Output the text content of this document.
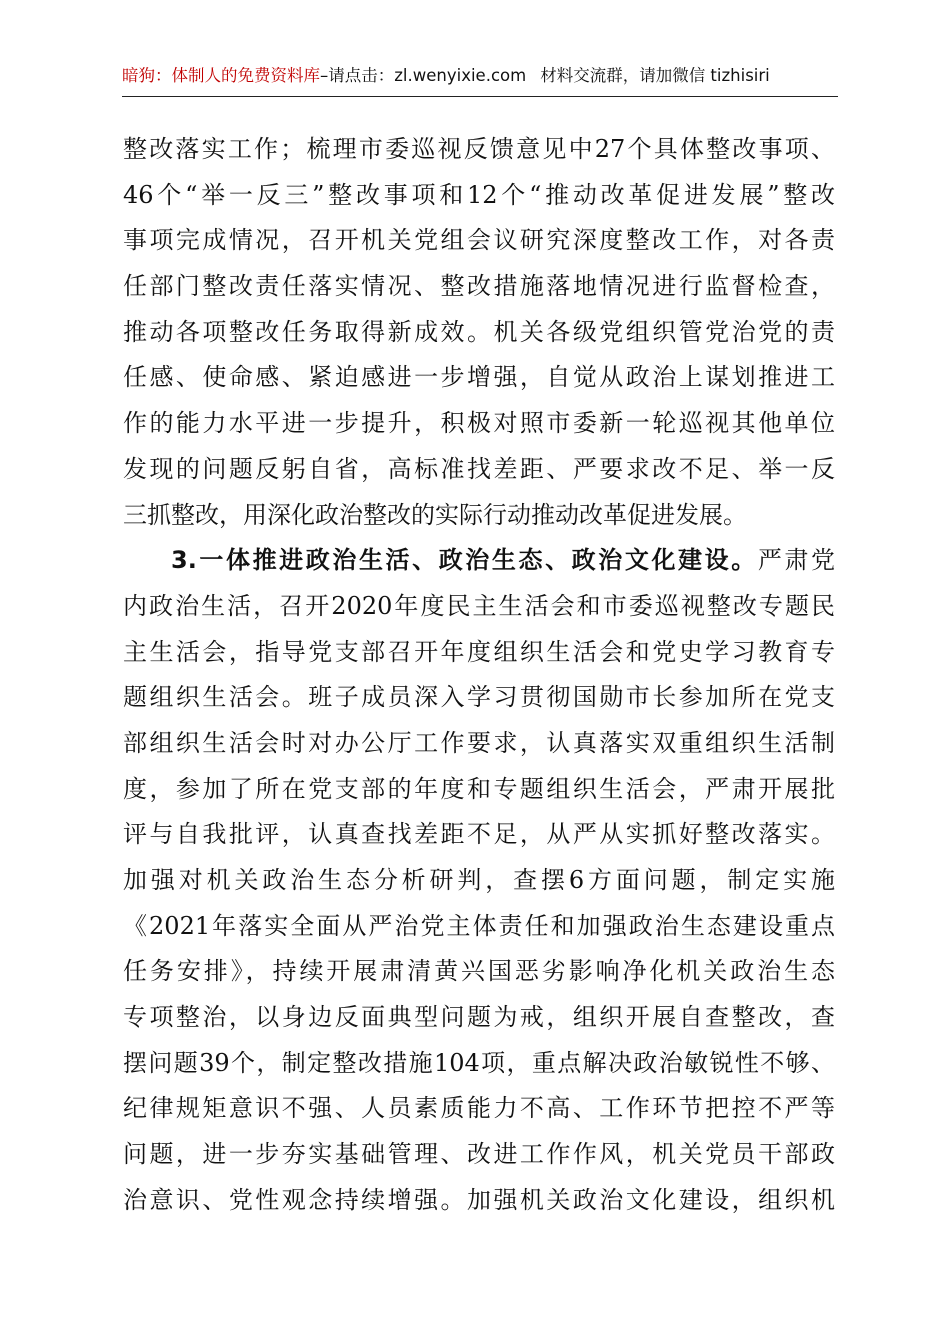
暗狗：体制人的免费资料库–请点击：zl.wenyixie.com 材料交流群，请加微信 tizhisiri
整改落实工作；梳理市委巡视反馈意见中27个具体整改事项、
46个“举一反三”整改事项和12个“推动改革促进发展”整改
事项完成情况，召开机关党组会议研究深度整改工作，对各责
任部门整改责任落实情况、整改措施落地情况进行监督检查，
推动各项整改任务取得新成效。机关各级党组织管党治党的责
任感、使命感、紧迫感进一步增强，自觉从政治上谋划推进工
作的能力水平进一步提升，积极对照市委新一轮巡视其他单位
发现的问题反躬自省，高标准找差距、严要求改不足、举一反
三抓整改，用深化政治整改的实际行动推动改革促进发展。
3.一体推进政治生活、政治生态、政治文化建设。严肃党
内政治生活，召开2020年度民主生活会和市委巡视整改专题民
主生活会，指导党支部召开年度组织生活会和党史学习教育专
题组织生活会。班子成员深入学习贯彻国勋市长参加所在党支
部组织生活会时对办公厅工作要求，认真落实双重组织生活制
度，参加了所在党支部的年度和专题组织生活会，严肃开展批
评与自我批评，认真查找差距不足，从严从实抓好整改落实。
加强对机关政治生态分析研判，查摆6方面问题，制定实施
《2021年落实全面从严治党主体责任和加强政治生态建设重点
任务安排》，持续开展肃清黄兴国恶劣影响净化机关政治生态
专项整治，以身边反面典型问题为戒，组织开展自查整改，查
摆问题39个，制定整改措施104项，重点解决政治敏锐性不够、
纪律规矩意识不强、人员素质能力不高、工作环节把控不严等
问题，进一步夯实基础管理、改进工作作风，机关党员干部政
治意识、党性观念持续增强。加强机关政治文化建设，组织机
